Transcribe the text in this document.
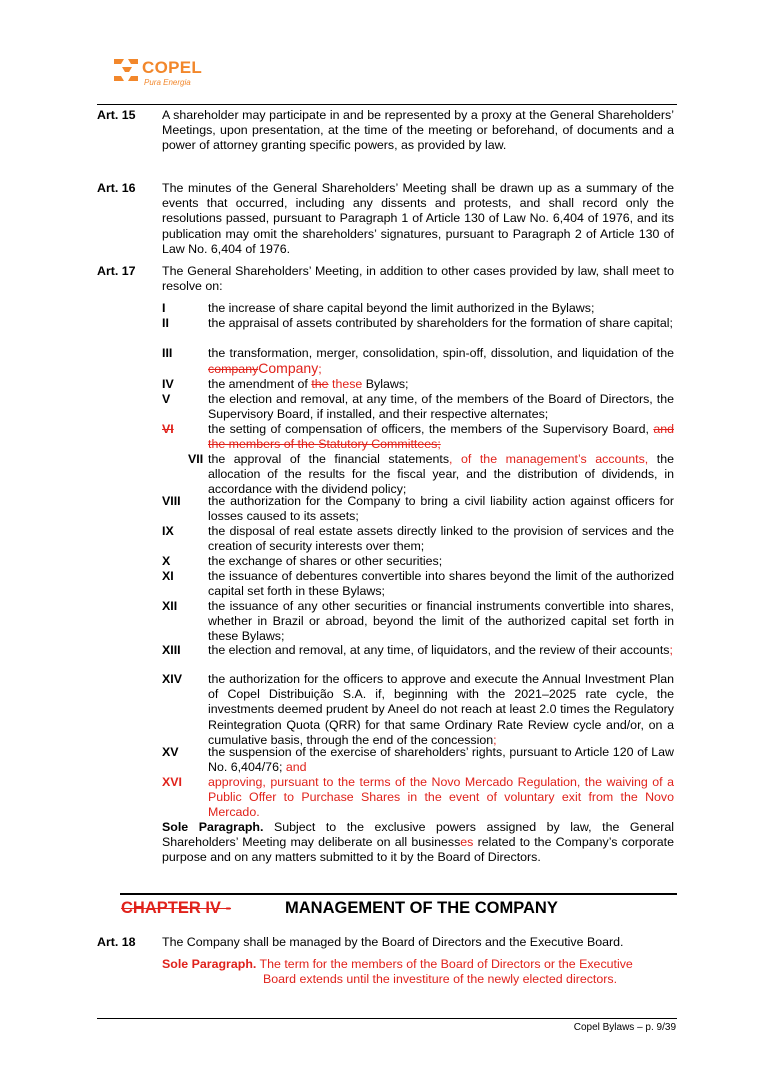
COPEL
Pura Energia
Art. 15 A shareholder may participate in and be represented by a proxy at the General Shareholders’ Meetings, upon presentation, at the time of the meeting or beforehand, of documents and a power of attorney granting specific powers, as provided by law.
Art. 16 The minutes of the General Shareholders’ Meeting shall be drawn up as a summary of the events that occurred, including any dissents and protests, and shall record only the resolutions passed, pursuant to Paragraph 1 of Article 130 of Law No. 6,404 of 1976, and its publication may omit the shareholders’ signatures, pursuant to Paragraph 2 of Article 130 of Law No. 6,404 of 1976.
Art. 17 The General Shareholders’ Meeting, in addition to other cases provided by law, shall meet to resolve on:
I	the increase of share capital beyond the limit authorized in the Bylaws;
II	the appraisal of assets contributed by shareholders for the formation of share capital;
III	the transformation, merger, consolidation, spin-off, dissolution, and liquidation of the companyCompany;
IV	the amendment of the these Bylaws;
V	the election and removal, at any time, of the members of the Board of Directors, the Supervisory Board, if installed, and their respective alternates;
VI	the setting of compensation of officers, the members of the Supervisory Board, and the members of the Statutory Committees;
VII the approval of the financial statements, of the management’s accounts, the allocation of the results for the fiscal year, and the distribution of dividends, in accordance with the dividend policy;
VIII	the authorization for the Company to bring a civil liability action against officers for losses caused to its assets;
IX	the disposal of real estate assets directly linked to the provision of services and the creation of security interests over them;
X	the exchange of shares or other securities;
XI	the issuance of debentures convertible into shares beyond the limit of the authorized capital set forth in these Bylaws;
XII	the issuance of any other securities or financial instruments convertible into shares, whether in Brazil or abroad, beyond the limit of the authorized capital set forth in these Bylaws;
XIII	the election and removal, at any time, of liquidators, and the review of their accounts;
XIV	the authorization for the officers to approve and execute the Annual Investment Plan of Copel Distribuição S.A. if, beginning with the 2021–2025 rate cycle, the investments deemed prudent by Aneel do not reach at least 2.0 times the Regulatory Reintegration Quota (QRR) for that same Ordinary Rate Review cycle and/or, on a cumulative basis, through the end of the concession;
XV	the suspension of the exercise of shareholders’ rights, pursuant to Article 120 of Law No. 6,404/76; and
XVI	approving, pursuant to the terms of the Novo Mercado Regulation, the waiving of a Public Offer to Purchase Shares in the event of voluntary exit from the Novo Mercado.
Sole Paragraph. Subject to the exclusive powers assigned by law, the General Shareholders’ Meeting may deliberate on all businesses related to the Company’s corporate purpose and on any matters submitted to it by the Board of Directors.
CHAPTER IV -	MANAGEMENT OF THE COMPANY
Art. 18 The Company shall be managed by the Board of Directors and the Executive Board.
Sole Paragraph. The term for the members of the Board of Directors or the Executive
Board extends until the investiture of the newly elected directors.
Copel Bylaws – p. 9/39
